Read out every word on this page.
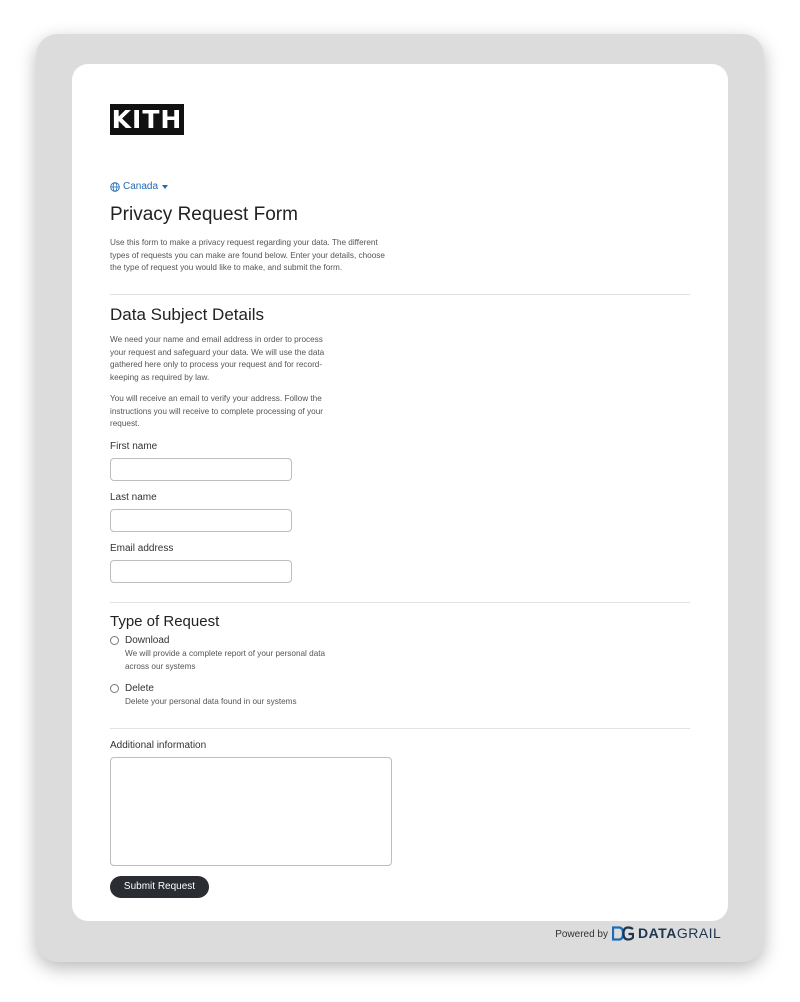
KITH
Canada
Privacy Request Form
Use this form to make a privacy request regarding your data. The different
types of requests you can make are found below. Enter your details, choose
the type of request you would like to make, and submit the form.
Data Subject Details
We need your name and email address in order to process
your request and safeguard your data. We will use the data
gathered here only to process your request and for record-
keeping as required by law.
You will receive an email to verify your address. Follow the
instructions you will receive to complete processing of your
request.
First name
Last name
Email address
Type of Request
Download
We will provide a complete report of your personal data
across our systems
Delete
Delete your personal data found in our systems
Additional information
Submit Request
Powered by DATAGRAIL
